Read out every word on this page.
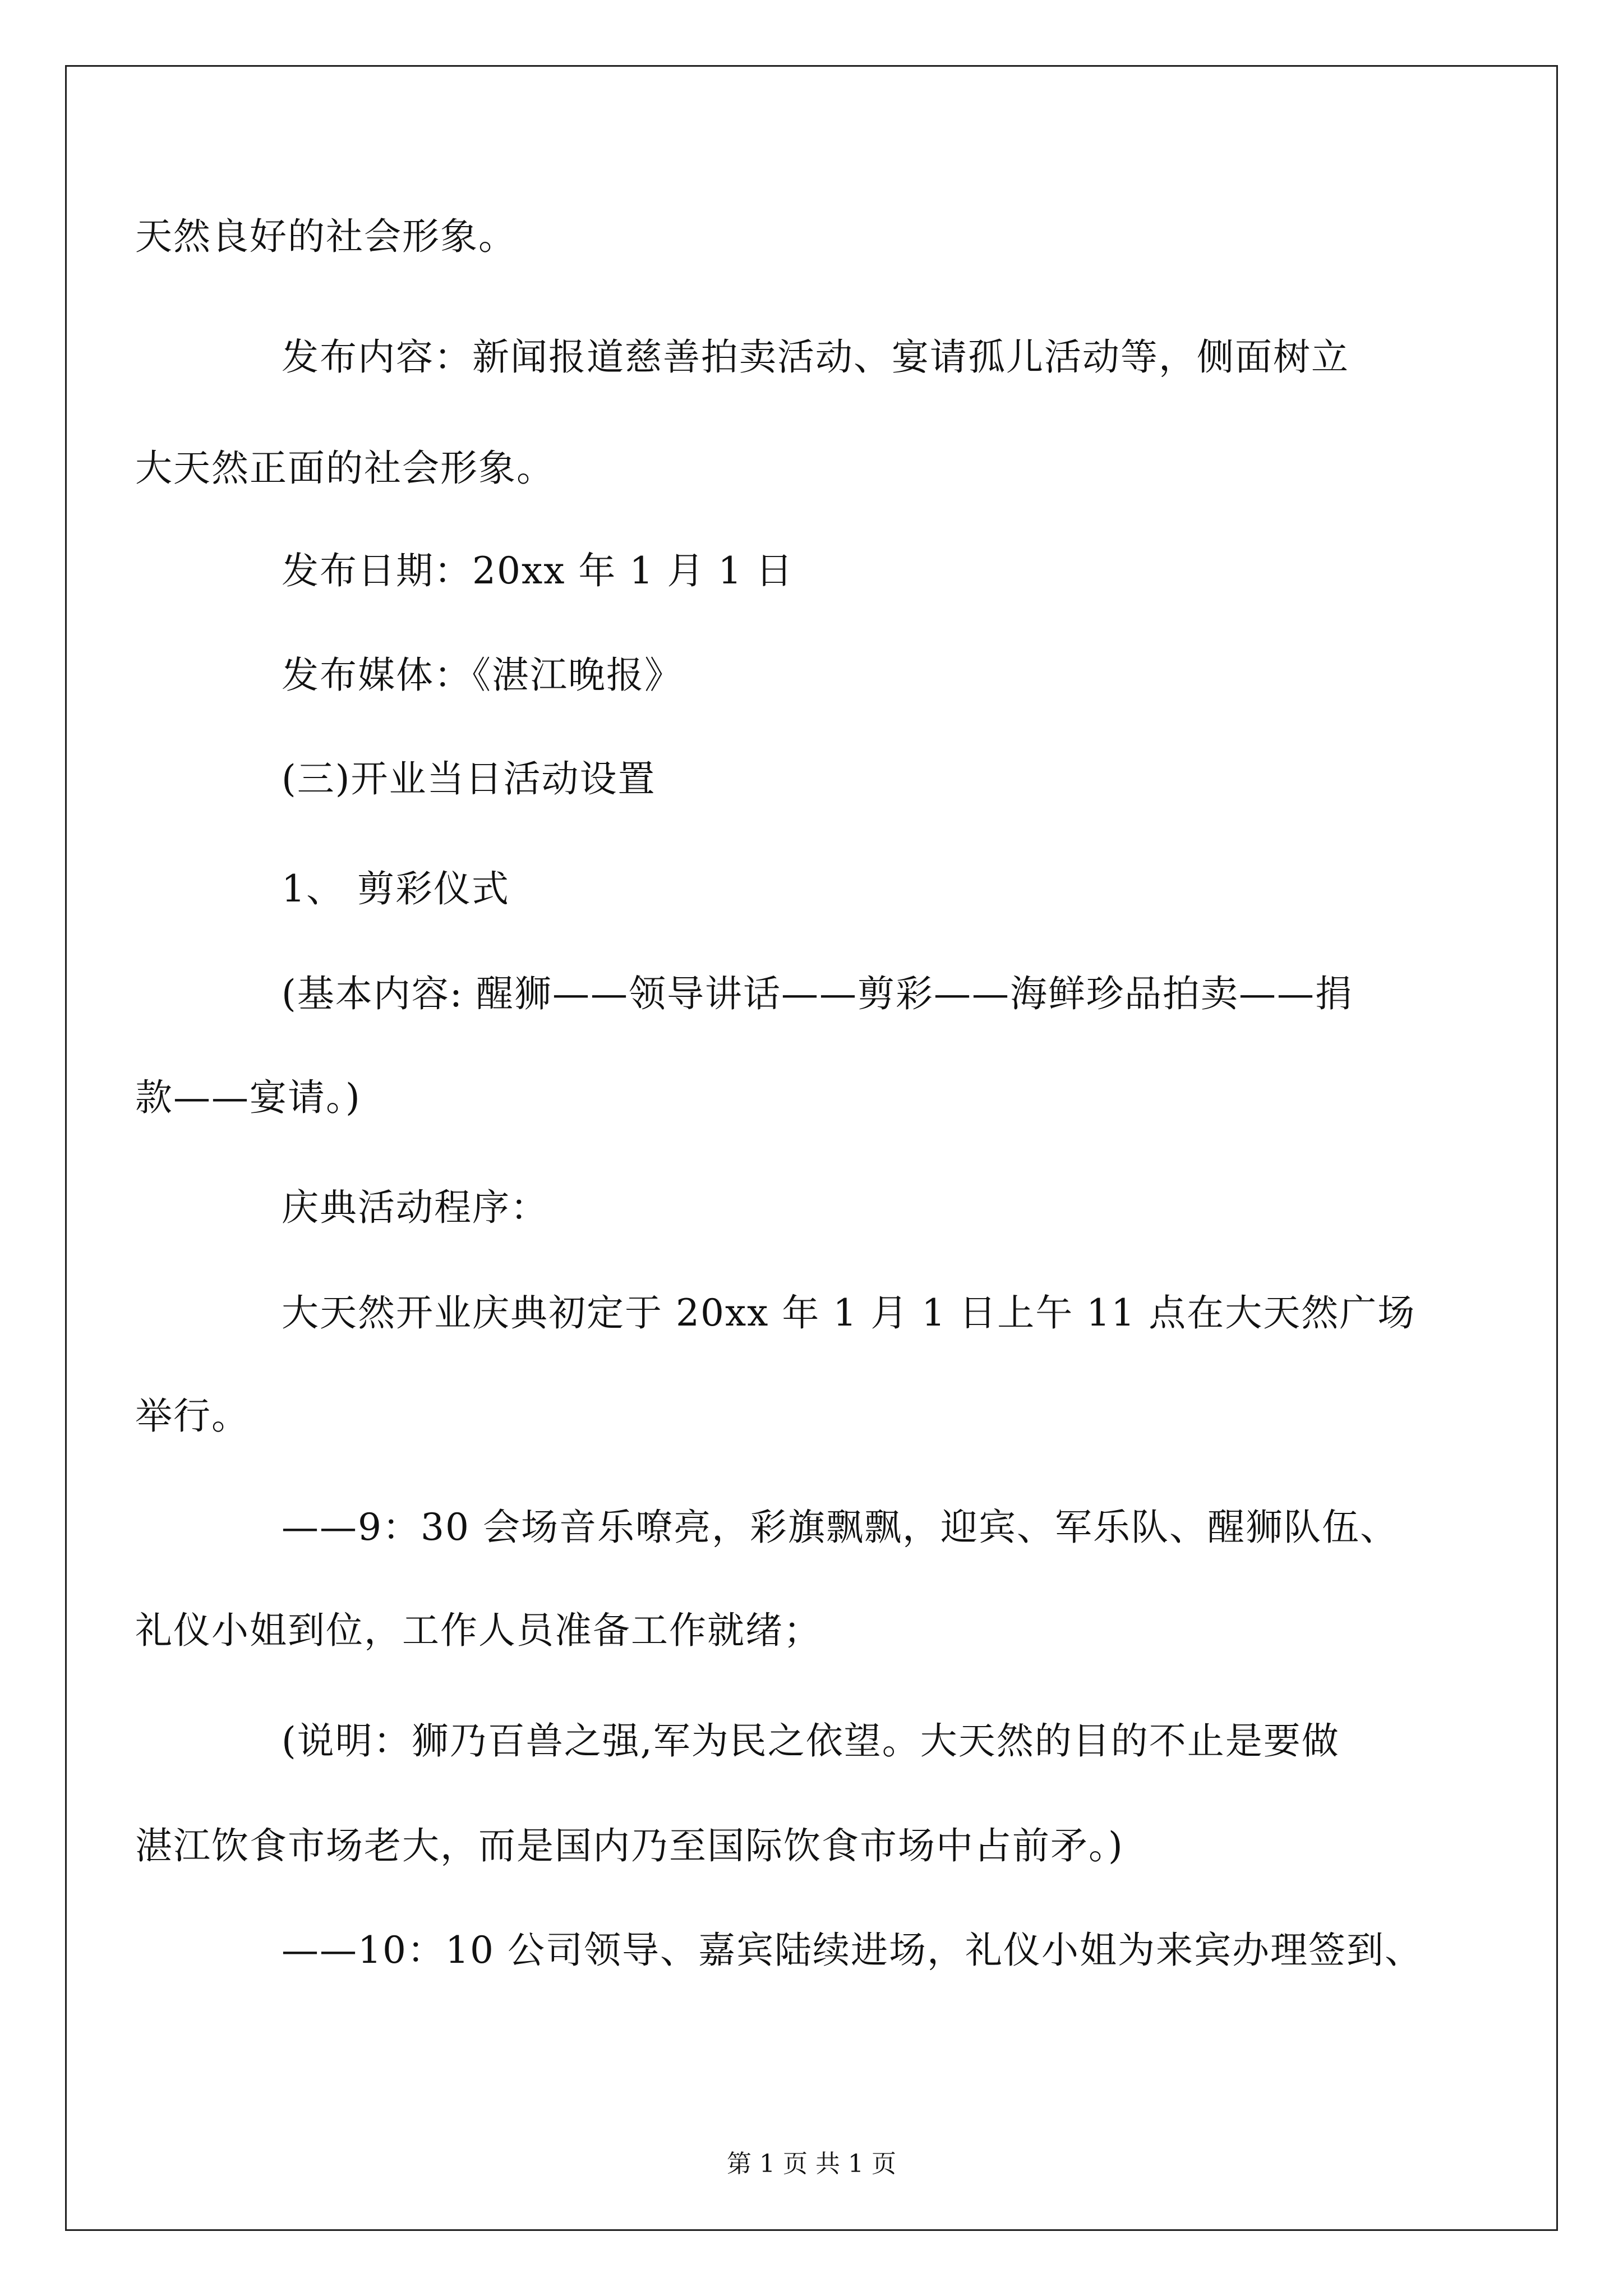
天然良好的社会形象。
发布内容：新闻报道慈善拍卖活动、宴请孤儿活动等，侧面树立
大天然正面的社会形象。
发布日期：20xx 年 1 月 1 日
发布媒体：《湛江晚报》
(三)开业当日活动设置
1、 剪彩仪式
(基本内容: 醒狮——领导讲话——剪彩——海鲜珍品拍卖——捐
款——宴请。)
庆典活动程序：
大天然开业庆典初定于 20xx 年 1 月 1 日上午 11 点在大天然广场
举行。
——9：30 会场音乐嘹亮，彩旗飘飘，迎宾、军乐队、醒狮队伍、
礼仪小姐到位，工作人员准备工作就绪；
(说明：狮乃百兽之强,军为民之依望。大天然的目的不止是要做
湛江饮食市场老大，而是国内乃至国际饮食市场中占前矛。)
——10：10 公司领导、嘉宾陆续进场，礼仪小姐为来宾办理签到、
第 1 页 共 1 页
